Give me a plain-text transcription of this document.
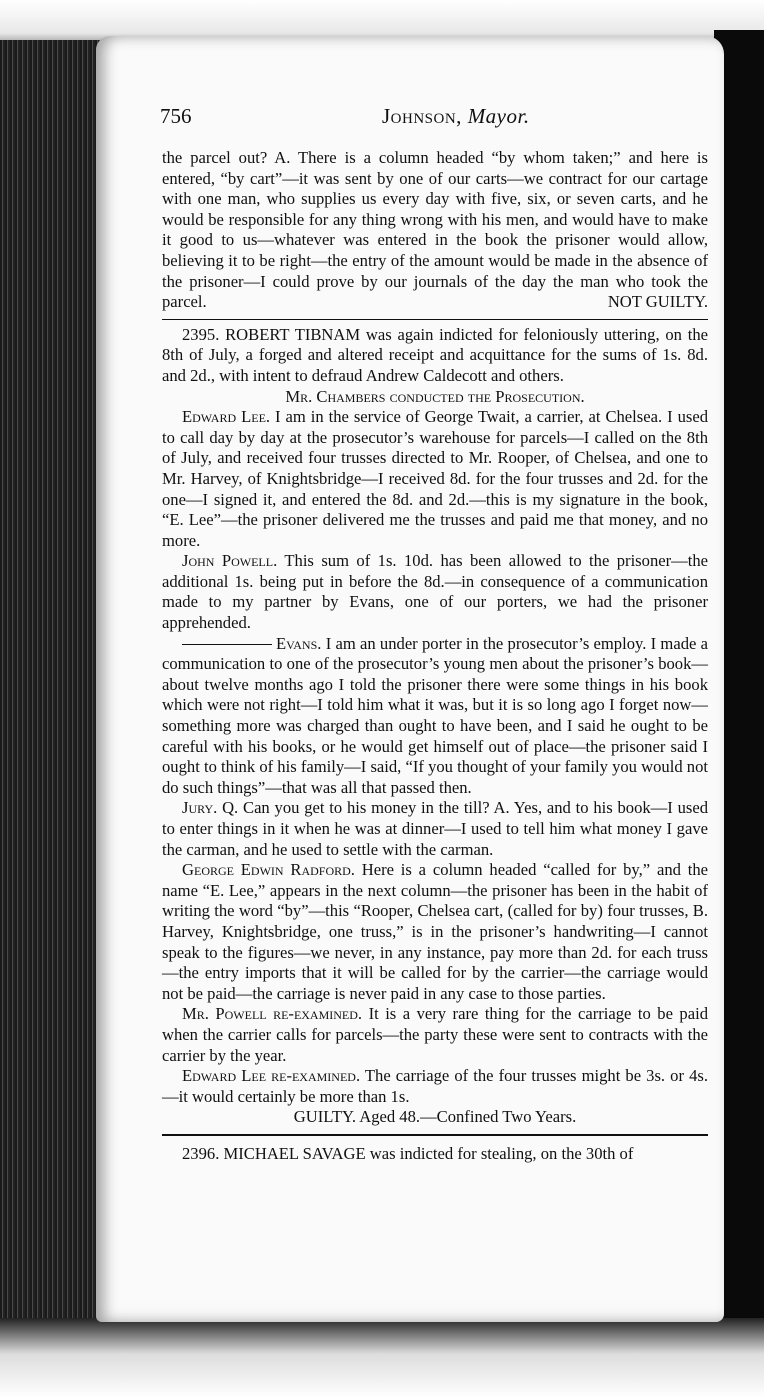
756	Johnson, Mayor.

the parcel out? A. There is a column headed “by whom taken;” and here is entered, “by cart”—it was sent by one of our carts—we contract for our cartage with one man, who supplies us every day with five, six, or seven carts, and he would be responsible for any thing wrong with his men, and would have to make it good to us—whatever was entered in the book the prisoner would allow, believing it to be right—the entry of the amount would be made in the absence of the prisoner—I could prove by our journals of the day the man who took the parcel.	NOT GUILTY.

2395. ROBERT TIBNAM was again indicted for feloniously uttering, on the 8th of July, a forged and altered receipt and acquittance for the sums of 1s. 8d. and 2d., with intent to defraud Andrew Caldecott and others.

Mr. Chambers conducted the Prosecution.

Edward Lee. I am in the service of George Twait, a carrier, at Chelsea. I used to call day by day at the prosecutor’s warehouse for parcels—I called on the 8th of July, and received four trusses directed to Mr. Rooper, of Chelsea, and one to Mr. Harvey, of Knightsbridge—I received 8d. for the four trusses and 2d. for the one—I signed it, and entered the 8d. and 2d.—this is my signature in the book, “E. Lee”—the prisoner delivered me the trusses and paid me that money, and no more.

John Powell. This sum of 1s. 10d. has been allowed to the prisoner—the additional 1s. being put in before the 8d.—in consequence of a communication made to my partner by Evans, one of our porters, we had the prisoner apprehended.

Evans. I am an under porter in the prosecutor’s employ. I made a communication to one of the prosecutor’s young men about the prisoner’s book—about twelve months ago I told the prisoner there were some things in his book which were not right—I told him what it was, but it is so long ago I forget now—something more was charged than ought to have been, and I said he ought to be careful with his books, or he would get himself out of place—the prisoner said I ought to think of his family—I said, “If you thought of your family you would not do such things”—that was all that passed then.

Jury. Q. Can you get to his money in the till? A. Yes, and to his book—I used to enter things in it when he was at dinner—I used to tell him what money I gave the carman, and he used to settle with the carman.

George Edwin Radford. Here is a column headed “called for by,” and the name “E. Lee,” appears in the next column—the prisoner has been in the habit of writing the word “by”—this “Rooper, Chelsea cart, (called for by) four trusses, B. Harvey, Knightsbridge, one truss,” is in the prisoner’s handwriting—I cannot speak to the figures—we never, in any instance, pay more than 2d. for each truss—the entry imports that it will be called for by the carrier—the carriage would not be paid—the carriage is never paid in any case to those parties.

Mr. Powell re-examined. It is a very rare thing for the carriage to be paid when the carrier calls for parcels—the party these were sent to contracts with the carrier by the year.

Edward Lee re-examined. The carriage of the four trusses might be 3s. or 4s.—it would certainly be more than 1s.

GUILTY. Aged 48.—Confined Two Years.

2396. MICHAEL SAVAGE was indicted for stealing, on the 30th of
